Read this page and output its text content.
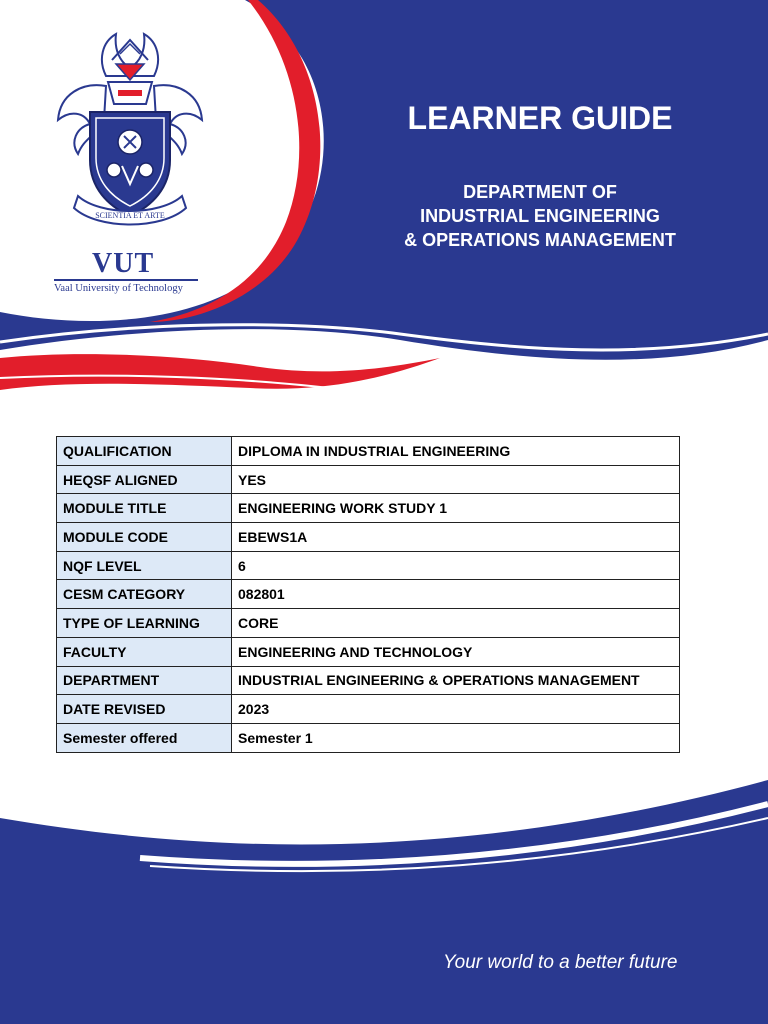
SCIENTIA ET ARTE
VUT
Vaal University of Technology
LEARNER GUIDE
DEPARTMENT OF
INDUSTRIAL ENGINEERING
& OPERATIONS MANAGEMENT
QUALIFICATION	DIPLOMA IN INDUSTRIAL ENGINEERING
HEQSF ALIGNED	YES
MODULE TITLE	ENGINEERING WORK STUDY 1
MODULE CODE	EBEWS1A
NQF LEVEL	6
CESM CATEGORY	082801
TYPE OF LEARNING	CORE
FACULTY	ENGINEERING AND TECHNOLOGY
DEPARTMENT	INDUSTRIAL ENGINEERING & OPERATIONS MANAGEMENT
DATE REVISED	2023
Semester offered	Semester 1
Your world to a better future
